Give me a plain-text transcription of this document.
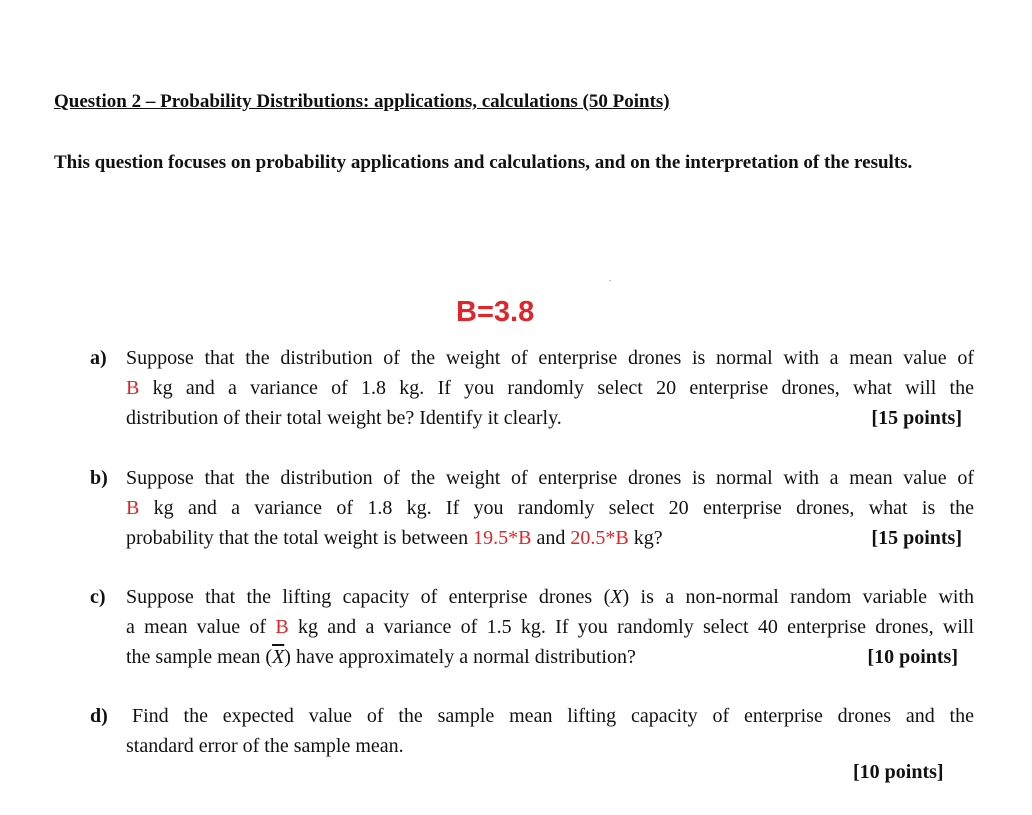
Question 2 – Probability Distributions: applications, calculations (50 Points)
This question focuses on probability applications and calculations, and on the interpretation of the results.
B=3.8
a) Suppose that the distribution of the weight of enterprise drones is normal with a mean value of
B kg and a variance of 1.8 kg. If you randomly select 20 enterprise drones, what will the
distribution of their total weight be? Identify it clearly.	[15 points]
b) Suppose that the distribution of the weight of enterprise drones is normal with a mean value of
B kg and a variance of 1.8 kg. If you randomly select 20 enterprise drones, what is the
probability that the total weight is between 19.5*B and 20.5*B kg?	[15 points]
c) Suppose that the lifting capacity of enterprise drones (X) is a non-normal random variable with
a mean value of B kg and a variance of 1.5 kg. If you randomly select 40 enterprise drones, will
the sample mean $(\overline{X})$ have approximately a normal distribution?	[10 points]
d)	Find the expected value of the sample mean lifting capacity of enterprise drones and the
standard error of the sample mean.
[10 points]
